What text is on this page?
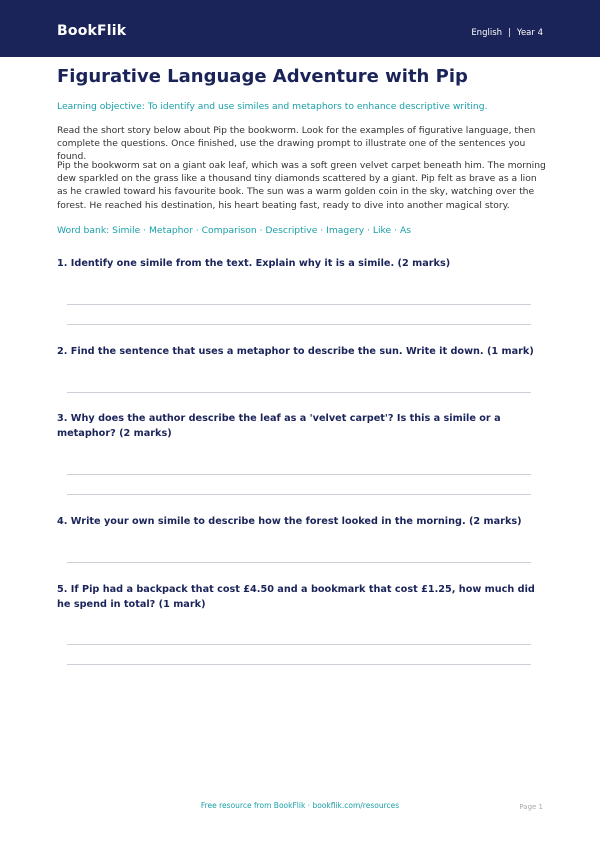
BookFlik	English | Year 4
Figurative Language Adventure with Pip
Learning objective: To identify and use similes and metaphors to enhance descriptive writing.

Read the short story below about Pip the bookworm. Look for the examples of figurative language, then complete the questions. Once finished, use the drawing prompt to illustrate one of the sentences you found.

Pip the bookworm sat on a giant oak leaf, which was a soft green velvet carpet beneath him. The morning dew sparkled on the grass like a thousand tiny diamonds scattered by a giant. Pip felt as brave as a lion as he crawled toward his favourite book. The sun was a warm golden coin in the sky, watching over the forest. He reached his destination, his heart beating fast, ready to dive into another magical story.

Word bank: Simile · Metaphor · Comparison · Descriptive · Imagery · Like · As

1. Identify one simile from the text. Explain why it is a simile. (2 marks)

2. Find the sentence that uses a metaphor to describe the sun. Write it down. (1 mark)

3. Why does the author describe the leaf as a 'velvet carpet'? Is this a simile or a metaphor? (2 marks)

4. Write your own simile to describe how the forest looked in the morning. (2 marks)

5. If Pip had a backpack that cost £4.50 and a bookmark that cost £1.25, how much did he spend in total? (1 mark)

Free resource from BookFlik · bookflik.com/resources	Page 1
